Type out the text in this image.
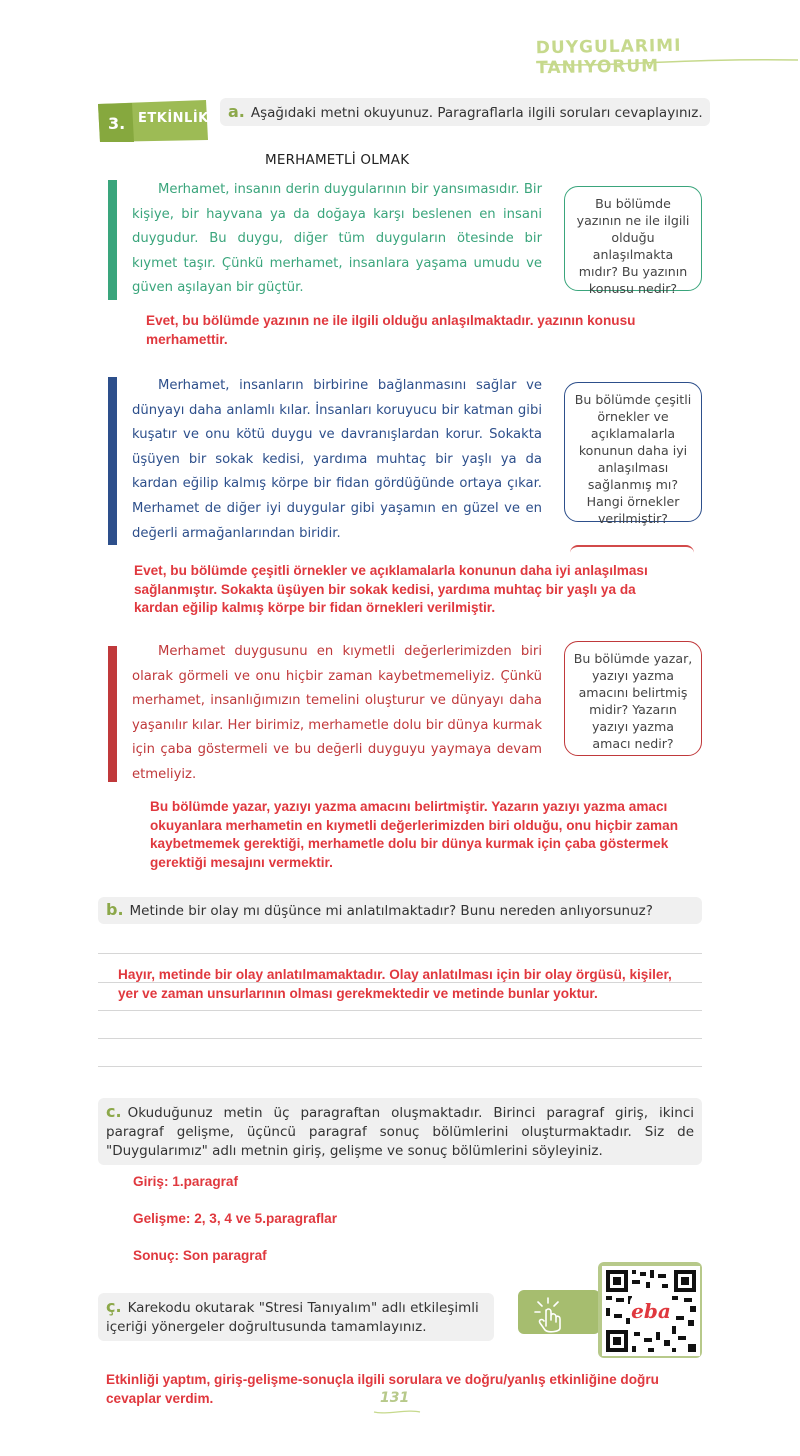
DUYGULARIMI TANIYORUM
3. ETKİNLİK	a. Aşağıdaki metni okuyunuz. Paragraflarla ilgili soruları cevaplayınız.
MERHAMETLİ OLMAK
Merhamet, insanın derin duygularının bir yansımasıdır. Bir kişiye, bir hayvana ya da doğaya karşı beslenen en insani duygudur. Bu duygu, diğer tüm duyguların ötesinde bir kıymet taşır. Çünkü merhamet, insanlara yaşama umudu ve güven aşılayan bir güçtür.
Bu bölümde yazının ne ile ilgili olduğu anlaşılmakta mıdır? Bu yazının konusu nedir?
Evet, bu bölümde yazının ne ile ilgili olduğu anlaşılmaktadır. yazının konusu merhamettir.
Merhamet, insanların birbirine bağlanmasını sağlar ve dünyayı daha anlamlı kılar. İnsanları koruyucu bir katman gibi kuşatır ve onu kötü duygu ve davranışlardan korur. Sokakta üşüyen bir sokak kedisi, yardıma muhtaç bir yaşlı ya da kardan eğilip kalmış körpe bir fidan gördüğünde ortaya çıkar. Merhamet de diğer iyi duygular gibi yaşamın en güzel ve en değerli armağanlarından biridir.
Bu bölümde çeşitli örnekler ve açıklamalarla konunun daha iyi anlaşılması sağlanmış mı? Hangi örnekler verilmiştir?
Evet, bu bölümde çeşitli örnekler ve açıklamalarla konunun daha iyi anlaşılması sağlanmıştır. Sokakta üşüyen bir sokak kedisi, yardıma muhtaç bir yaşlı ya da kardan eğilip kalmış körpe bir fidan örnekleri verilmiştir.
Merhamet duygusunu en kıymetli değerlerimizden biri olarak görmeli ve onu hiçbir zaman kaybetmemeliyiz. Çünkü merhamet, insanlığımızın temelini oluşturur ve dünyayı daha yaşanılır kılar. Her birimiz, merhametle dolu bir dünya kurmak için çaba göstermeli ve bu değerli duyguyu yaymaya devam etmeliyiz.
Bu bölümde yazar, yazıyı yazma amacını belirtmiş midir? Yazarın yazıyı yazma amacı nedir?
Bu bölümde yazar, yazıyı yazma amacını belirtmiştir. Yazarın yazıyı yazma amacı okuyanlara merhametin en kıymetli değerlerimizden biri olduğu, onu hiçbir zaman kaybetmemek gerektiği, merhametle dolu bir dünya kurmak için çaba göstermek gerektiği mesajını vermektir.
b. Metinde bir olay mı düşünce mi anlatılmaktadır? Bunu nereden anlıyorsunuz?
Hayır, metinde bir olay anlatılmamaktadır. Olay anlatılması için bir olay örgüsü, kişiler, yer ve zaman unsurlarının olması gerekmektedir ve metinde bunlar yoktur.
c. Okuduğunuz metin üç paragraftan oluşmaktadır. Birinci paragraf giriş, ikinci paragraf gelişme, üçüncü paragraf sonuç bölümlerini oluşturmaktadır. Siz de "Duygularımız" adlı metnin giriş, gelişme ve sonuç bölümlerini söyleyiniz.
Giriş: 1.paragraf
Gelişme: 2, 3, 4 ve 5.paragraflar
Sonuç: Son paragraf
ç. Karekodu okutarak "Stresi Tanıyalım" adlı etkileşimli içeriği yönergeler doğrultusunda tamamlayınız.
eba
Etkinliği yaptım, giriş-gelişme-sonuçla ilgili sorulara ve doğru/yanlış etkinliğine doğru cevaplar verdim.	131
